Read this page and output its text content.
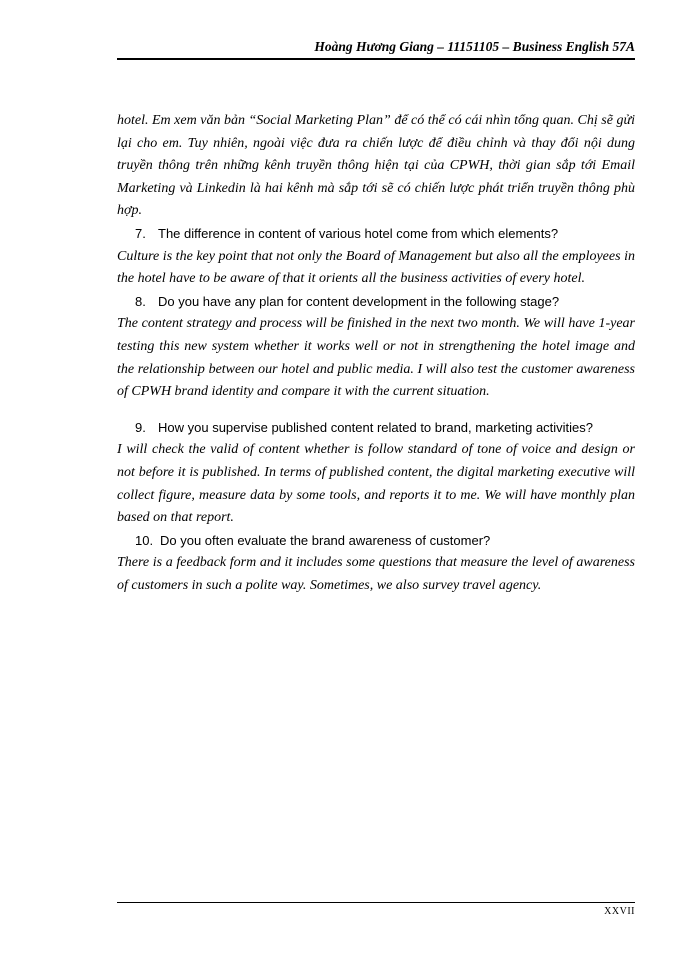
Hoàng Hương Giang – 11151105 – Business English 57A

hotel. Em xem văn bản “Social Marketing Plan” để có thể có cái nhìn tổng quan. Chị sẽ gửi lại cho em. Tuy nhiên, ngoài việc đưa ra chiến lược để điều chỉnh và thay đổi nội dung truyền thông trên những kênh truyền thông hiện tại của CPWH, thời gian sắp tới Email Marketing và Linkedin là hai kênh mà sắp tới sẽ có chiến lược phát triển truyền thông phù hợp.

7. The difference in content of various hotel come from which elements?

Culture is the key point that not only the Board of Management but also all the employees in the hotel have to be aware of that it orients all the business activities of every hotel.

8. Do you have any plan for content development in the following stage?

The content strategy and process will be finished in the next two month. We will have 1-year testing this new system whether it works well or not in strengthening the hotel image and the relationship between our hotel and public media. I will also test the customer awareness of CPWH brand identity and compare it with the current situation.

9. How you supervise published content related to brand, marketing activities?

I will check the valid of content whether is follow standard of tone of voice and design or not before it is published. In terms of published content, the digital marketing executive will collect figure, measure data by some tools, and reports it to me. We will have monthly plan based on that report.

10. Do you often evaluate the brand awareness of customer?

There is a feedback form and it includes some questions that measure the level of awareness of customers in such a polite way. Sometimes, we also survey travel agency.

XXVII
